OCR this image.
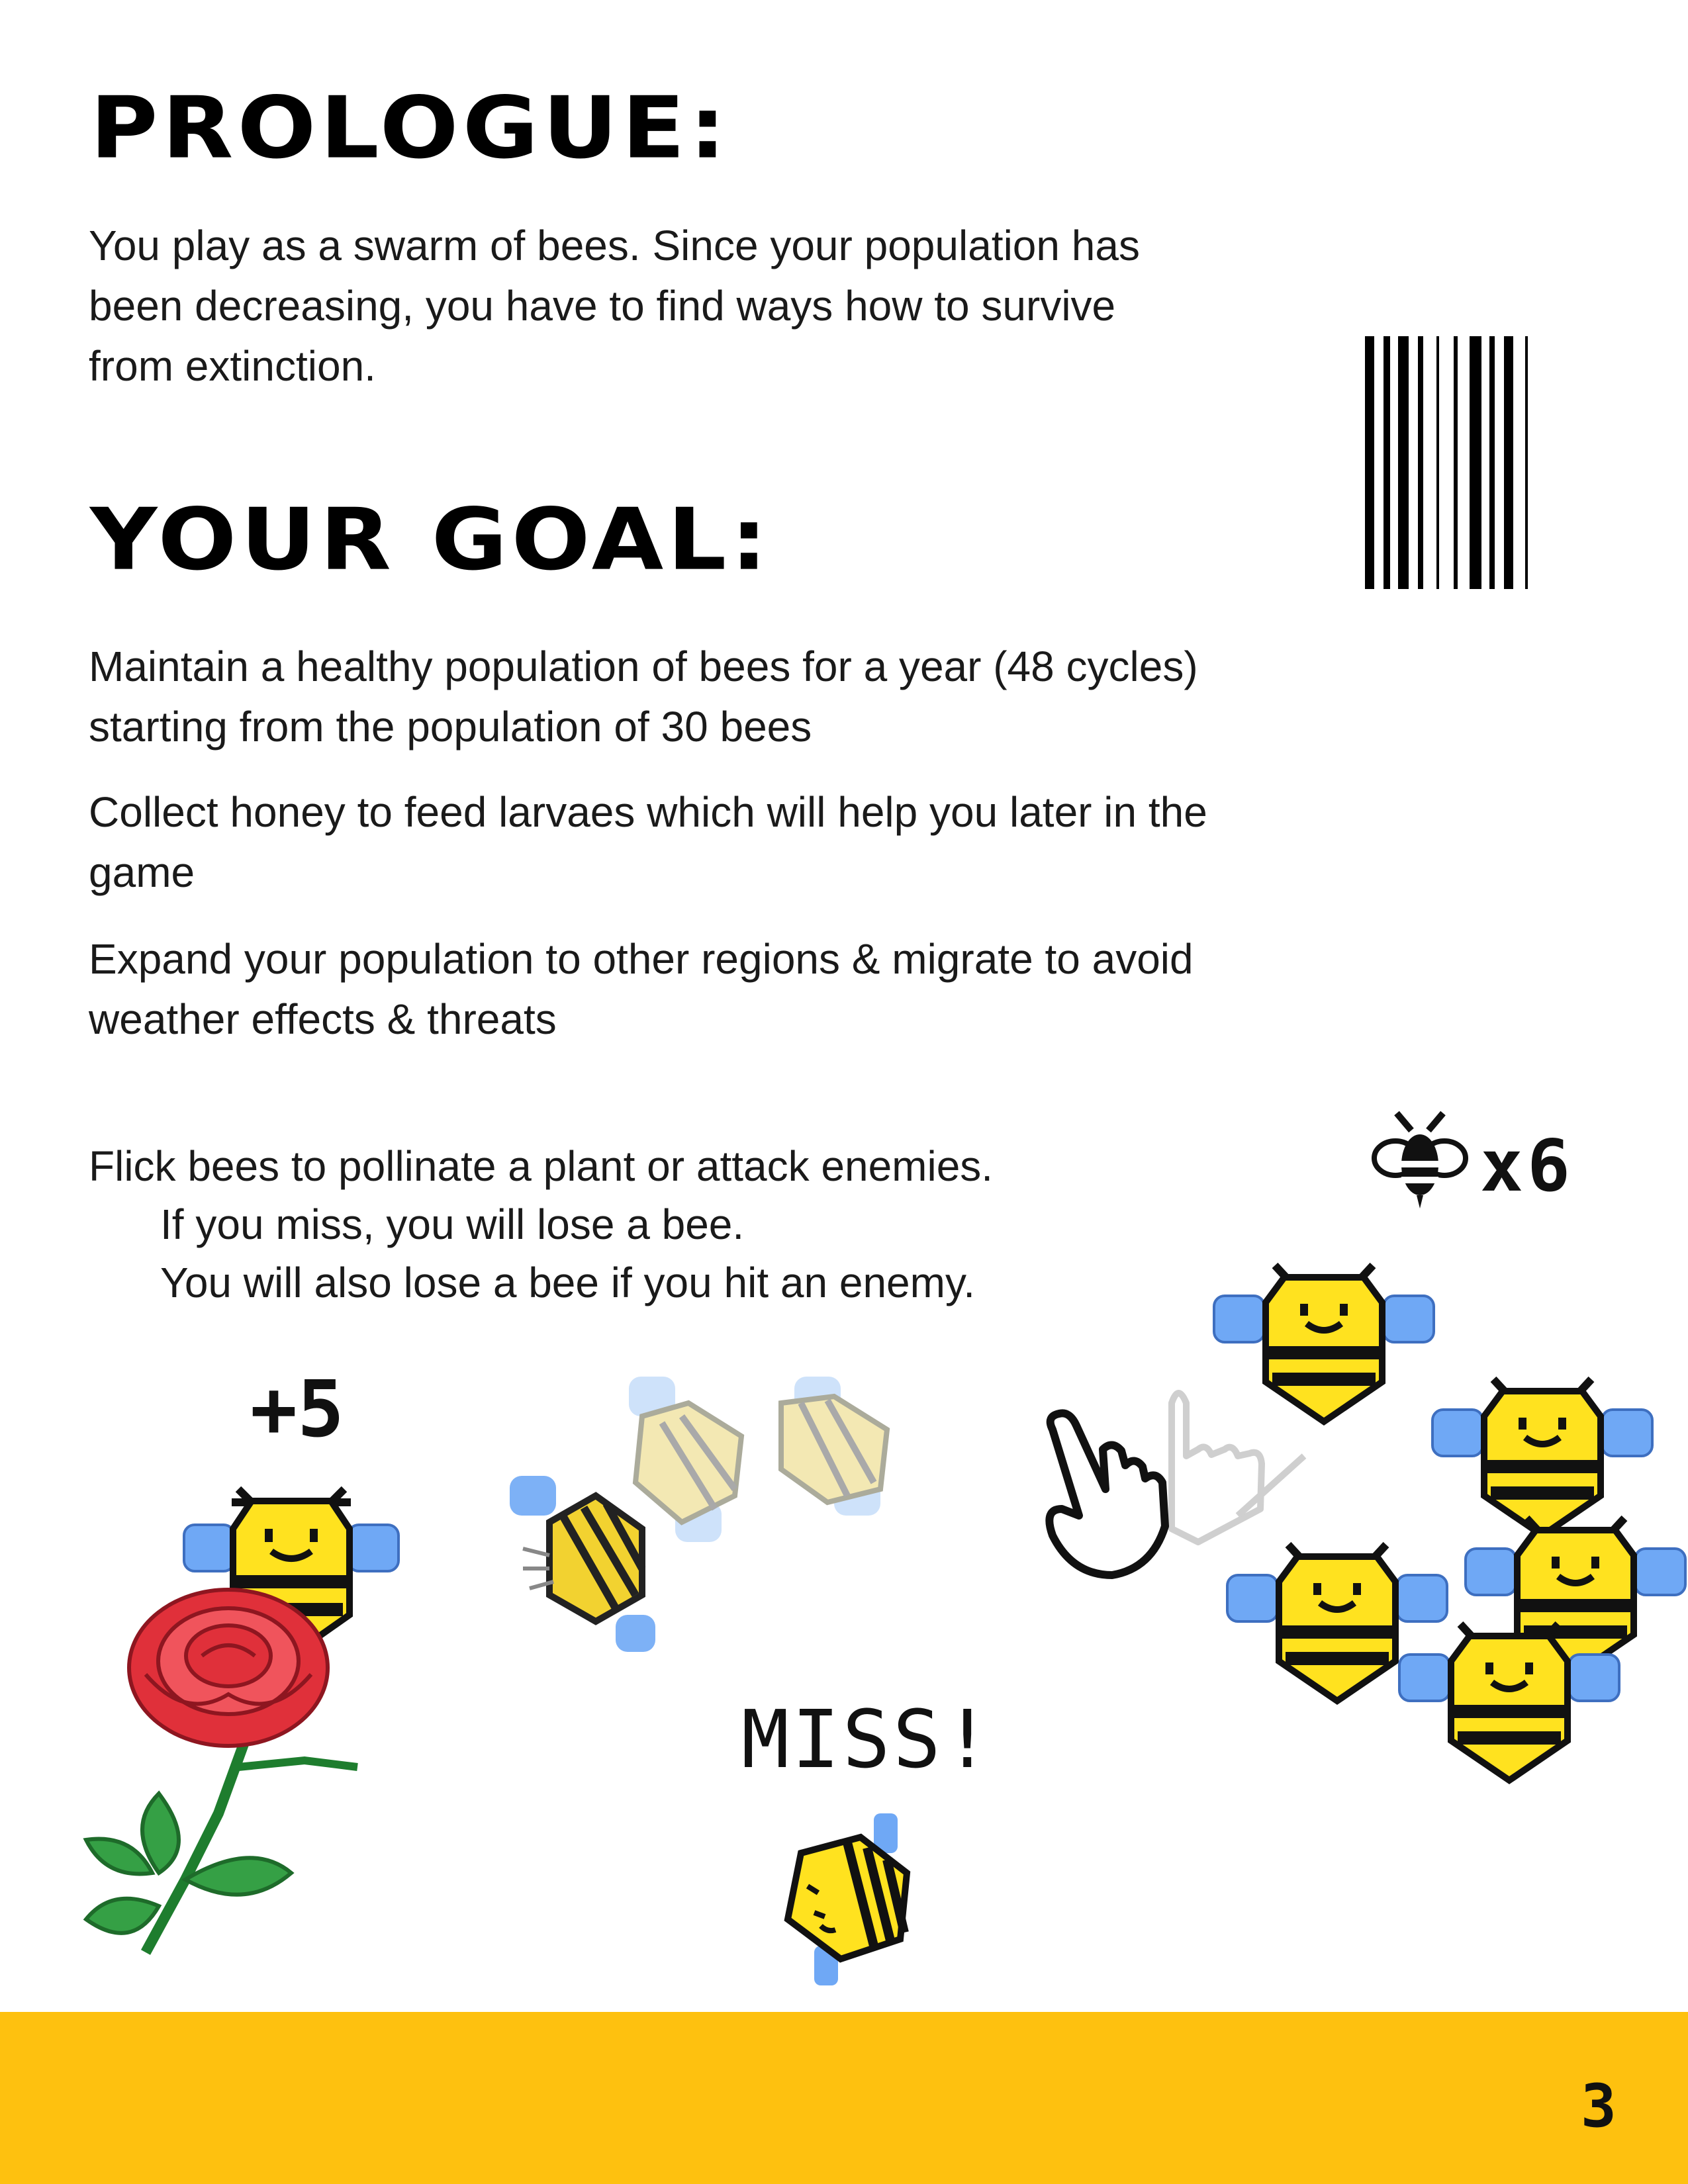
PROLOGUE:

You play as a swarm of bees. Since your population has
been decreasing, you have to find ways how to survive
from extinction.

YOUR GOAL:

Maintain a healthy population of bees for a year (48 cycles)
starting from the population of 30 bees

Collect honey to feed larvaes which will help you later in the
game

Expand your population to other regions & migrate to avoid
weather effects & threats

Flick bees to pollinate a plant or attack enemies.

If you miss, you will lose a bee.
You will also lose a bee if you hit an enemy.

x6
+5
MISS!
3
